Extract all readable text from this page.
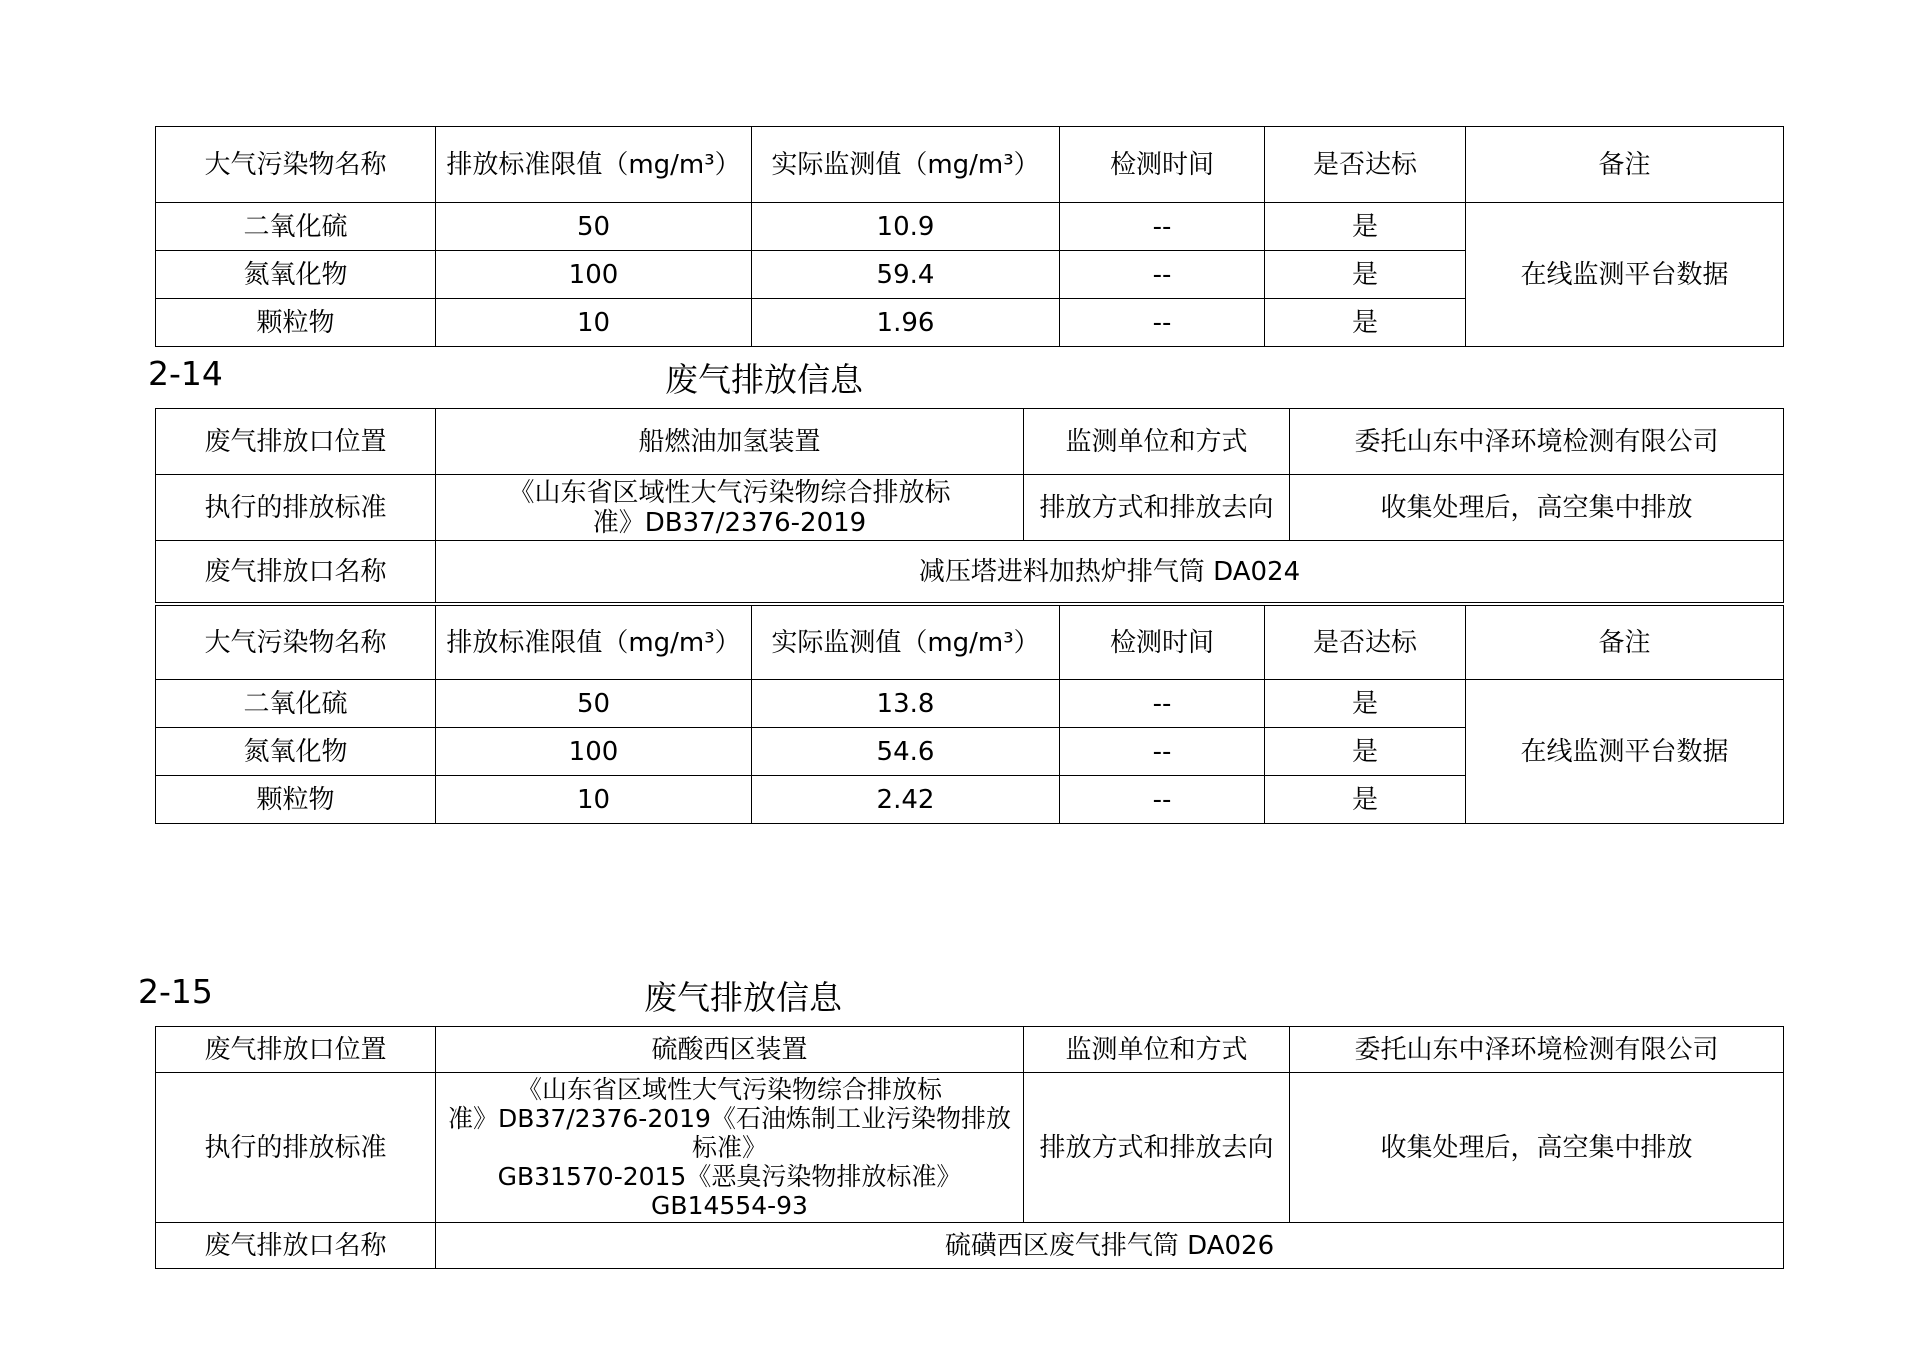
大气污染物名称	排放标准限值（mg/m³）	实际监测值（mg/m³）	检测时间	是否达标	备注
二氧化硫	50	10.9	--	是	在线监测平台数据
氮氧化物	100	59.4	--	是	
颗粒物	10	1.96	--	是	
2-14	废气排放信息
废气排放口位置	船燃油加氢装置	监测单位和方式	委托山东中泽环境检测有限公司
执行的排放标准	《山东省区域性大气污染物综合排放标准》DB37/2376-2019	排放方式和排放去向	收集处理后，高空集中排放
废气排放口名称	减压塔进料加热炉排气筒 DA024		
大气污染物名称	排放标准限值（mg/m³）	实际监测值（mg/m³）	检测时间	是否达标	备注
二氧化硫	50	13.8	--	是	在线监测平台数据
氮氧化物	100	54.6	--	是	
颗粒物	10	2.42	--	是	
2-15	废气排放信息
废气排放口位置	硫酸西区装置	监测单位和方式	委托山东中泽环境检测有限公司
执行的排放标准	《山东省区域性大气污染物综合排放标
准》DB37/2376-2019《石油炼制工业污染物排放
标准》
GB31570-2015《恶臭污染物排放标准》
GB14554-93	排放方式和排放去向	收集处理后，高空集中排放
废气排放口名称	硫磺西区废气排气筒 DA026		
